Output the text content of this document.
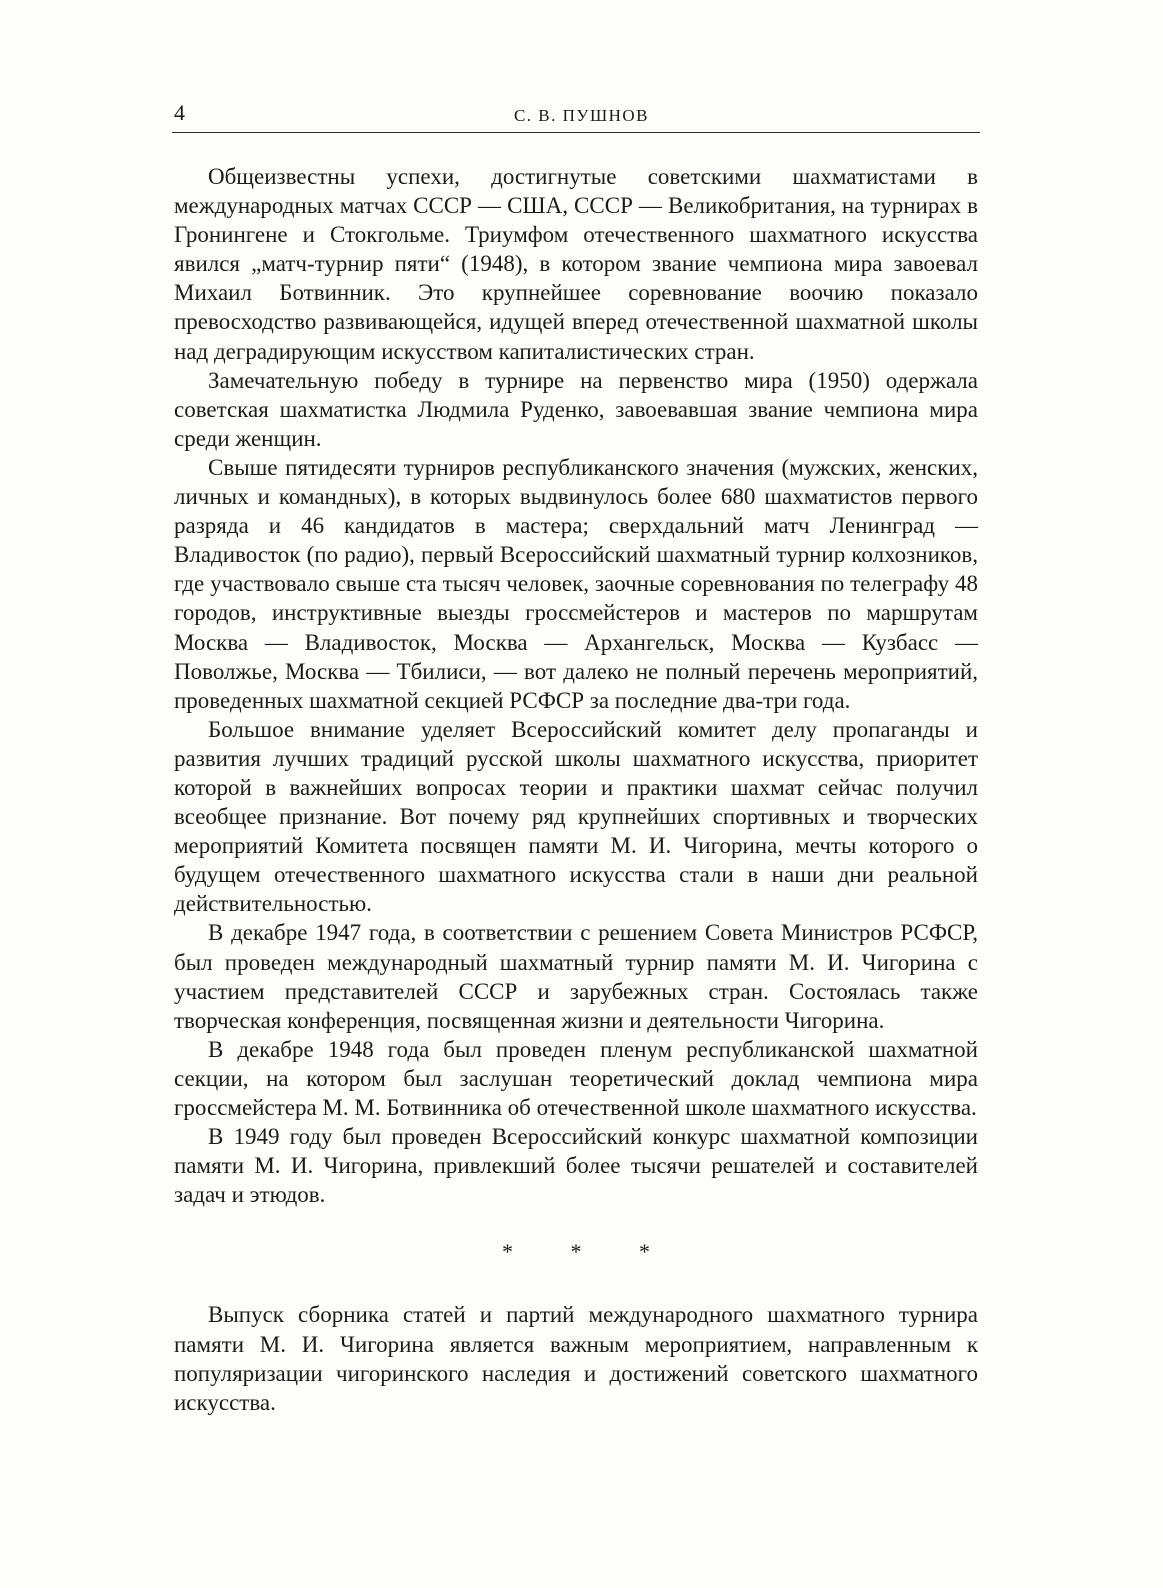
4	С. В. ПУШНОВ

Общеизвестны успехи, достигнутые советскими шахматистами в международных матчах СССР — США, СССР — Великобритания, на турнирах в Гронингене и Стокгольме. Триумфом отечественного шахматного искусства явился „матч-турнир пяти“ (1948), в котором звание чемпиона мира завоевал Михаил Ботвинник. Это крупнейшее соревнование воочию показало превосходство развивающейся, идущей вперед отечественной шахматной школы над деградирующим искусством капиталистических стран.

Замечательную победу в турнире на первенство мира (1950) одержала советская шахматистка Людмила Руденко, завоевавшая звание чемпиона мира среди женщин.

Свыше пятидесяти турниров республиканского значения (мужских, женских, личных и командных), в которых выдвинулось более 680 шахматистов первого разряда и 46 кандидатов в мастера; сверхдальний матч Ленинград — Владивосток (по радио), первый Всероссийский шахматный турнир колхозников, где участвовало свыше ста тысяч человек, заочные соревнования по телеграфу 48 городов, инструктивные выезды гроссмейстеров и мастеров по маршрутам Москва — Владивосток, Москва — Архангельск, Москва — Кузбасс — Поволжье, Москва — Тбилиси, — вот далеко не полный перечень мероприятий, проведенных шахматной секцией РСФСР за последние два-три года.

Большое внимание уделяет Всероссийский комитет делу пропаганды и развития лучших традиций русской школы шахматного искусства, приоритет которой в важнейших вопросах теории и практики шахмат сейчас получил всеобщее признание. Вот почему ряд крупнейших спортивных и творческих мероприятий Комитета посвящен памяти М. И. Чигорина, мечты которого о будущем отечественного шахматного искусства стали в наши дни реальной действительностью.

В декабре 1947 года, в соответствии с решением Совета Министров РСФСР, был проведен международный шахматный турнир памяти М. И. Чигорина с участием представителей СССР и зарубежных стран. Состоялась также творческая конференция, посвященная жизни и деятельности Чигорина.

В декабре 1948 года был проведен пленум республиканской шахматной секции, на котором был заслушан теоретический доклад чемпиона мира гроссмейстера М. М. Ботвинника об отечественной школе шахматного искусства.

В 1949 году был проведен Всероссийский конкурс шахматной композиции памяти М. И. Чигорина, привлекший более тысячи решателей и составителей задач и этюдов.

* * *

Выпуск сборника статей и партий международного шахматного турнира памяти М. И. Чигорина является важным мероприятием, направленным к популяризации чигоринского наследия и достижений советского шахматного искусства.
